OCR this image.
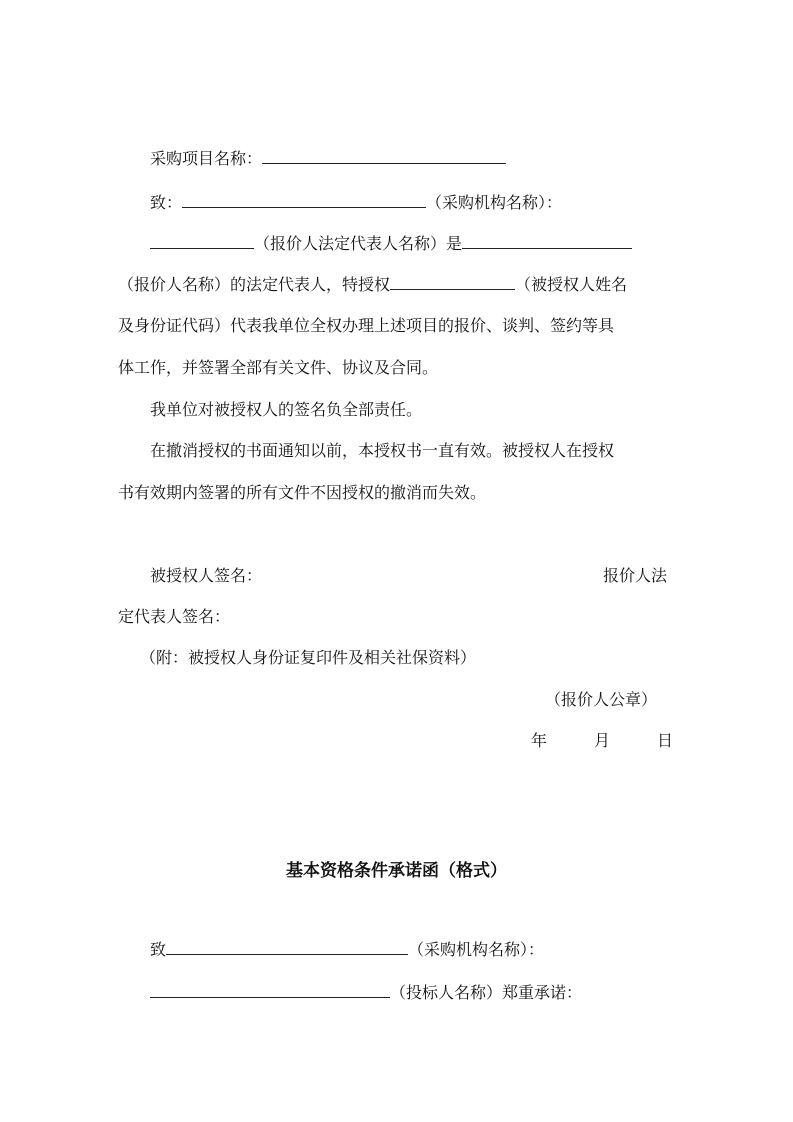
采购项目名称：
致：	（采购机构名称）：
（报价人法定代表人名称）是
（报价人名称）的法定代表人，特授权	（被授权人姓名
及身份证代码）代表我单位全权办理上述项目的报价、谈判、签约等具
体工作，并签署全部有关文件、协议及合同。
我单位对被授权人的签名负全部责任。
在撤消授权的书面通知以前，本授权书一直有效。被授权人在授权
书有效期内签署的所有文件不因授权的撤消而失效。
被授权人签名：	报价人法
定代表人签名：
（附：被授权人身份证复印件及相关社保资料）
（报价人公章）
年	月	日
基本资格条件承诺函（格式）
致	（采购机构名称）：
（投标人名称）郑重承诺：
